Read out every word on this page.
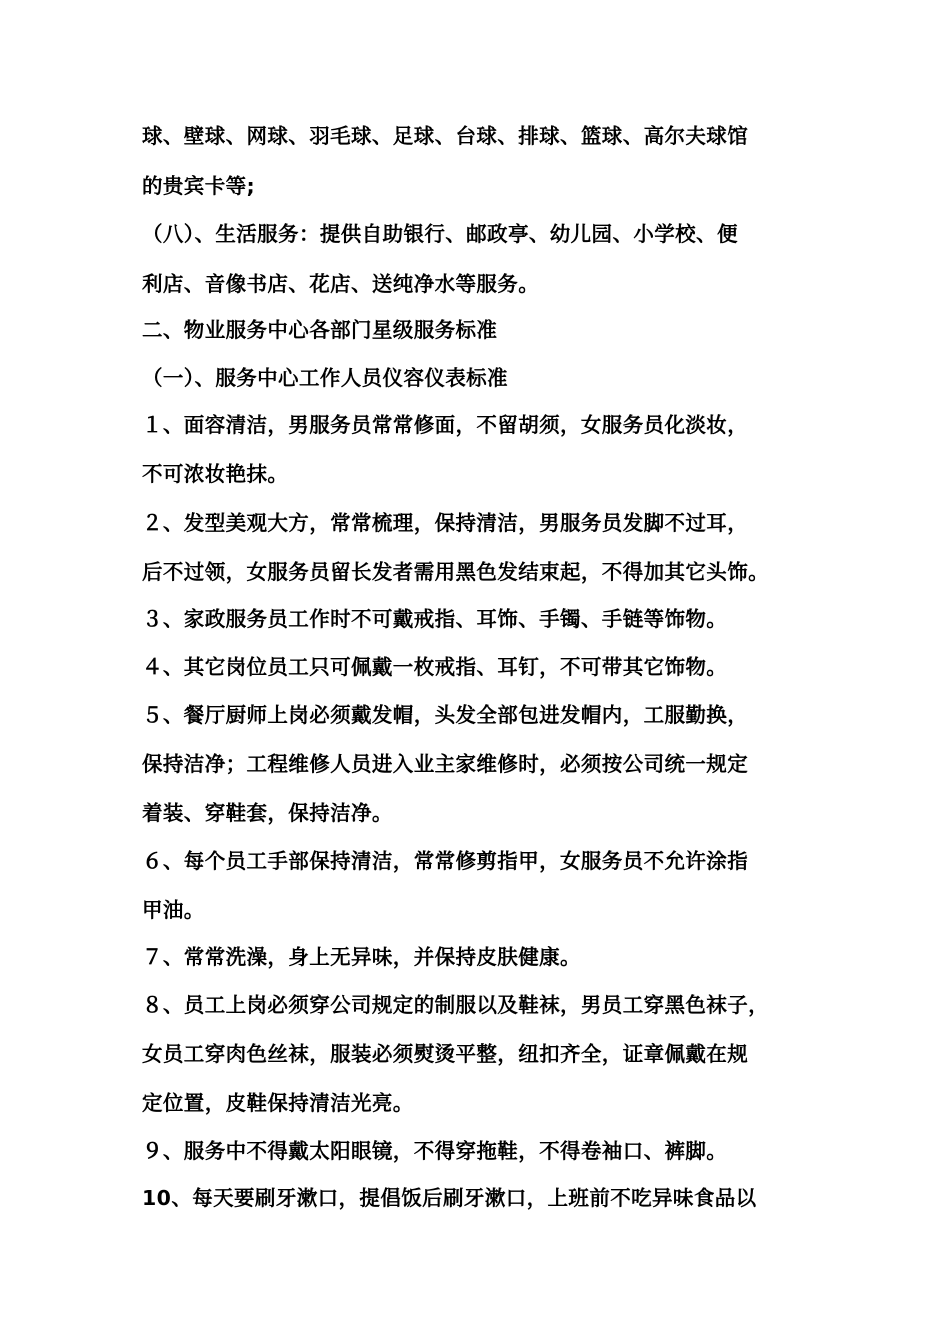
球、壁球、网球、羽毛球、足球、台球、排球、篮球、高尔夫球馆
的贵宾卡等;
（八）、生活服务：提供自助银行、邮政亭、幼儿园、小学校、便
利店、音像书店、花店、送纯净水等服务。
二、物业服务中心各部门星级服务标准
（一）、服务中心工作人员仪容仪表标准
１、面容清洁，男服务员常常修面，不留胡须，女服务员化淡妆，
不可浓妆艳抹。
２、发型美观大方，常常梳理，保持清洁，男服务员发脚不过耳，
后不过领，女服务员留长发者需用黑色发结束起，不得加其它头饰。
３、家政服务员工作时不可戴戒指、耳饰、手镯、手链等饰物。
４、其它岗位员工只可佩戴一枚戒指、耳钉，不可带其它饰物。
５、餐厅厨师上岗必须戴发帽，头发全部包进发帽内，工服勤换，
保持洁净；工程维修人员进入业主家维修时，必须按公司统一规定
着装、穿鞋套，保持洁净。
６、每个员工手部保持清洁，常常修剪指甲，女服务员不允许涂指
甲油。
７、常常洗澡，身上无异味，并保持皮肤健康。
８、员工上岗必须穿公司规定的制服以及鞋袜，男员工穿黑色袜子，
女员工穿肉色丝袜，服装必须熨烫平整，纽扣齐全，证章佩戴在规
定位置，皮鞋保持清洁光亮。
９、服务中不得戴太阳眼镜，不得穿拖鞋，不得卷袖口、裤脚。
10、每天要刷牙漱口，提倡饭后刷牙漱口，上班前不吃异味食品以
